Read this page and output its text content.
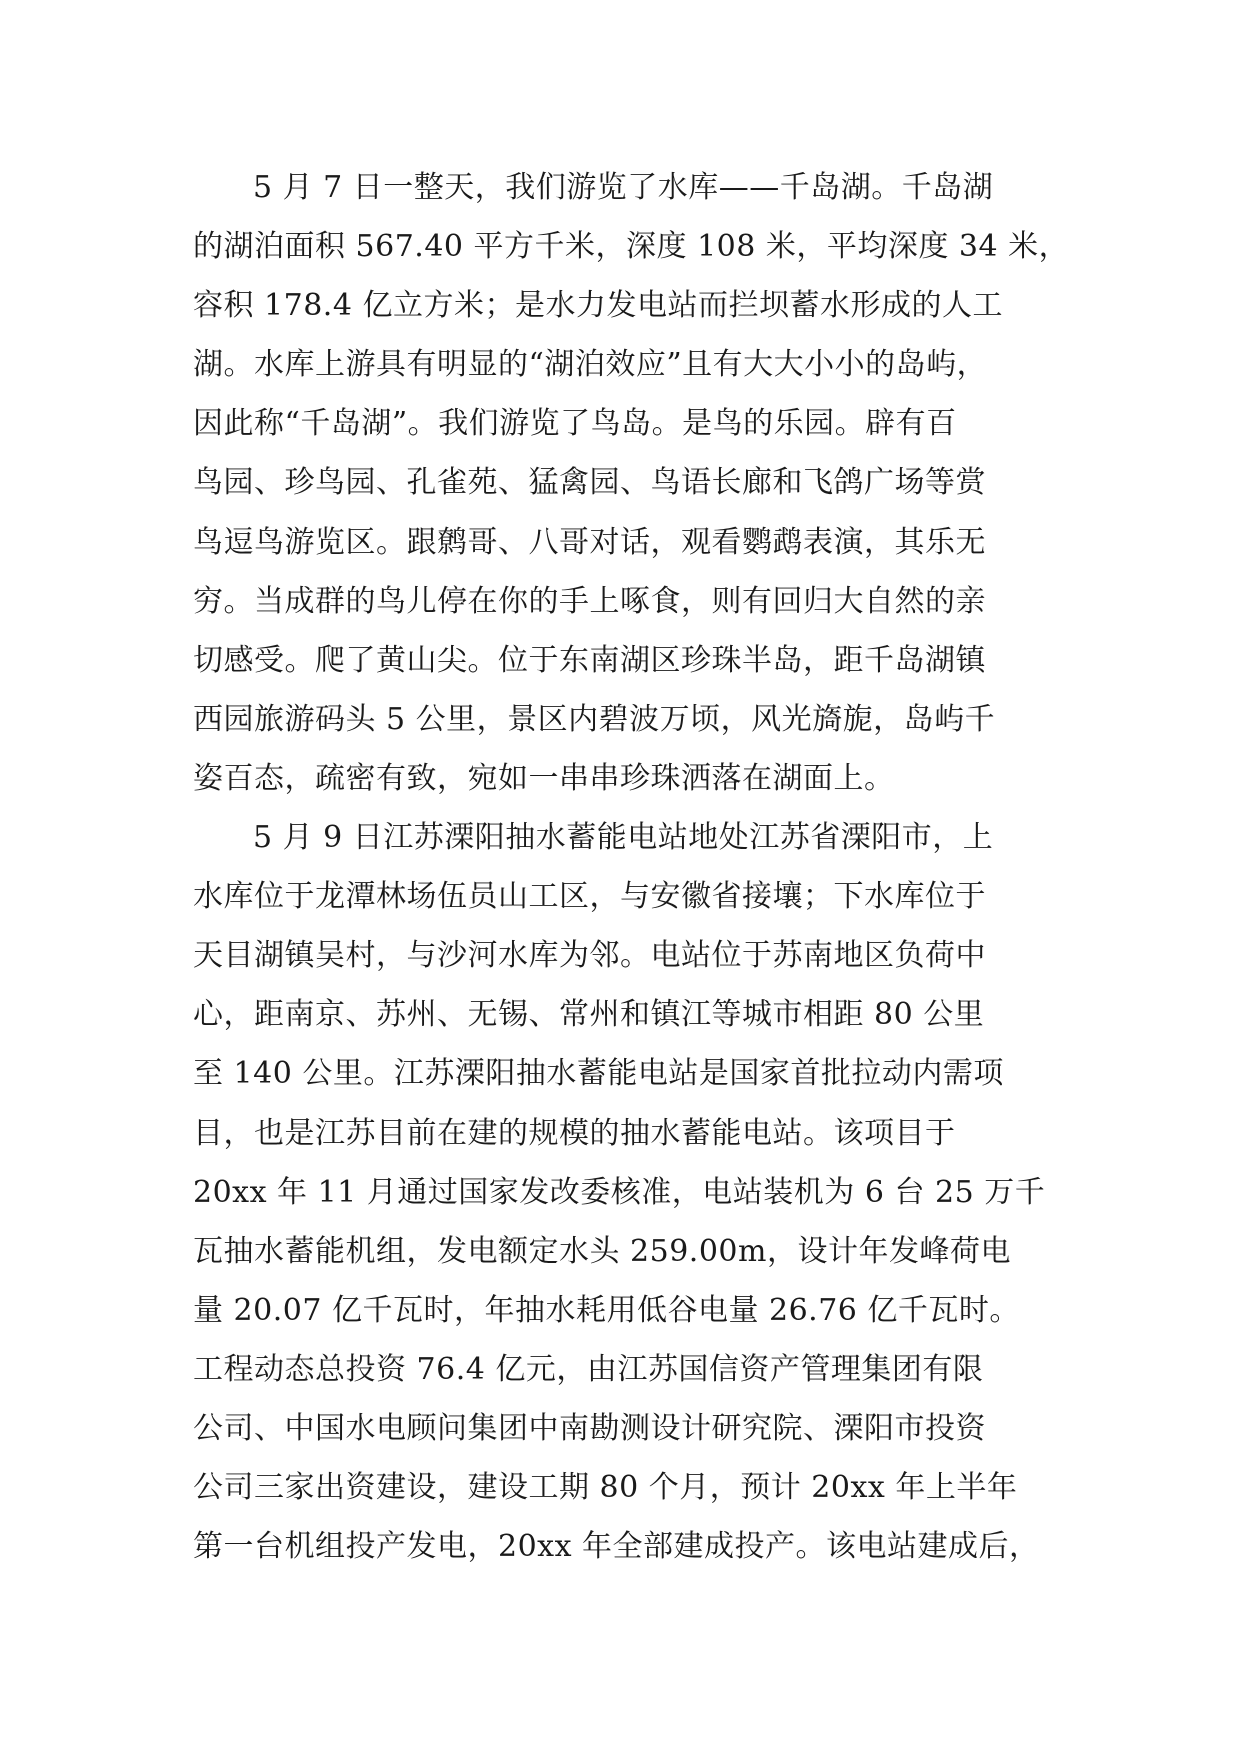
5 月 7 日一整天，我们游览了水库——千岛湖。千岛湖
的湖泊面积 567.40 平方千米，深度 108 米，平均深度 34 米，
容积 178.4 亿立方米；是水力发电站而拦坝蓄水形成的人工
湖。水库上游具有明显的“湖泊效应”且有大大小小的岛屿，
因此称“千岛湖”。我们游览了鸟岛。是鸟的乐园。辟有百
鸟园、珍鸟园、孔雀苑、猛禽园、鸟语长廊和飞鸽广场等赏
鸟逗鸟游览区。跟鹩哥、八哥对话，观看鹦鹉表演，其乐无
穷。当成群的鸟儿停在你的手上啄食，则有回归大自然的亲
切感受。爬了黄山尖。位于东南湖区珍珠半岛，距千岛湖镇
西园旅游码头 5 公里，景区内碧波万顷，风光旖旎，岛屿千
姿百态，疏密有致，宛如一串串珍珠洒落在湖面上。
5 月 9 日江苏溧阳抽水蓄能电站地处江苏省溧阳市，上
水库位于龙潭林场伍员山工区，与安徽省接壤；下水库位于
天目湖镇吴村，与沙河水库为邻。电站位于苏南地区负荷中
心，距南京、苏州、无锡、常州和镇江等城市相距 80 公里
至 140 公里。江苏溧阳抽水蓄能电站是国家首批拉动内需项
目，也是江苏目前在建的规模的抽水蓄能电站。该项目于
20xx 年 11 月通过国家发改委核准，电站装机为 6 台 25 万千
瓦抽水蓄能机组，发电额定水头 259.00m，设计年发峰荷电
量 20.07 亿千瓦时，年抽水耗用低谷电量 26.76 亿千瓦时。
工程动态总投资 76.4 亿元，由江苏国信资产管理集团有限
公司、中国水电顾问集团中南勘测设计研究院、溧阳市投资
公司三家出资建设，建设工期 80 个月，预计 20xx 年上半年
第一台机组投产发电，20xx 年全部建成投产。该电站建成后，
